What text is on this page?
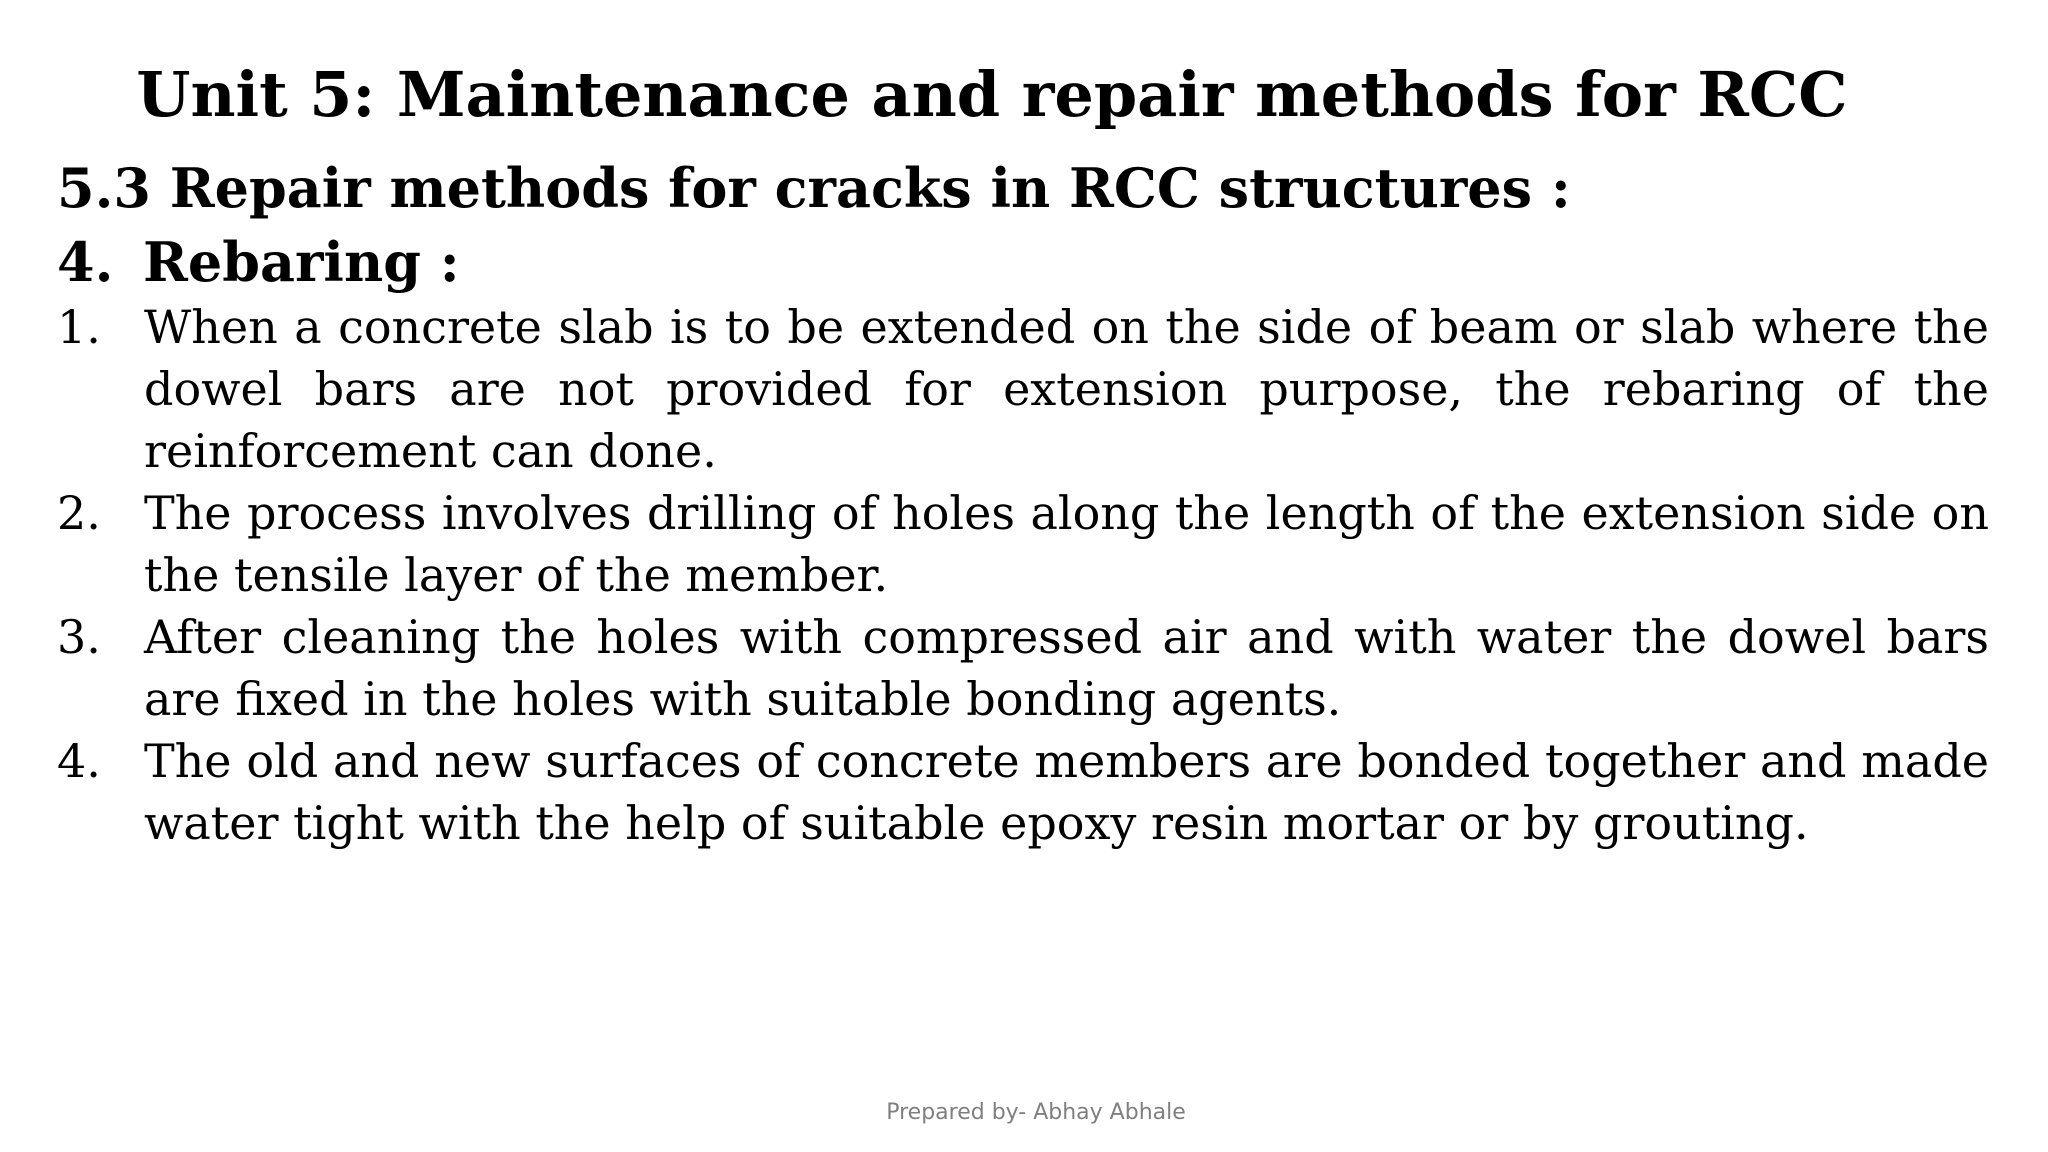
Unit 5: Maintenance and repair methods for RCC
5.3 Repair methods for cracks in RCC structures :
4. Rebaring :
1. When a concrete slab is to be extended on the side of beam or slab where the dowel bars are not provided for extension purpose, the rebaring of the reinforcement can done.
2. The process involves drilling of holes along the length of the extension side on the tensile layer of the member.
3. After cleaning the holes with compressed air and with water the dowel bars are fixed in the holes with suitable bonding agents.
4. The old and new surfaces of concrete members are bonded together and made water tight with the help of suitable epoxy resin mortar or by grouting.
Prepared by- Abhay Abhale
